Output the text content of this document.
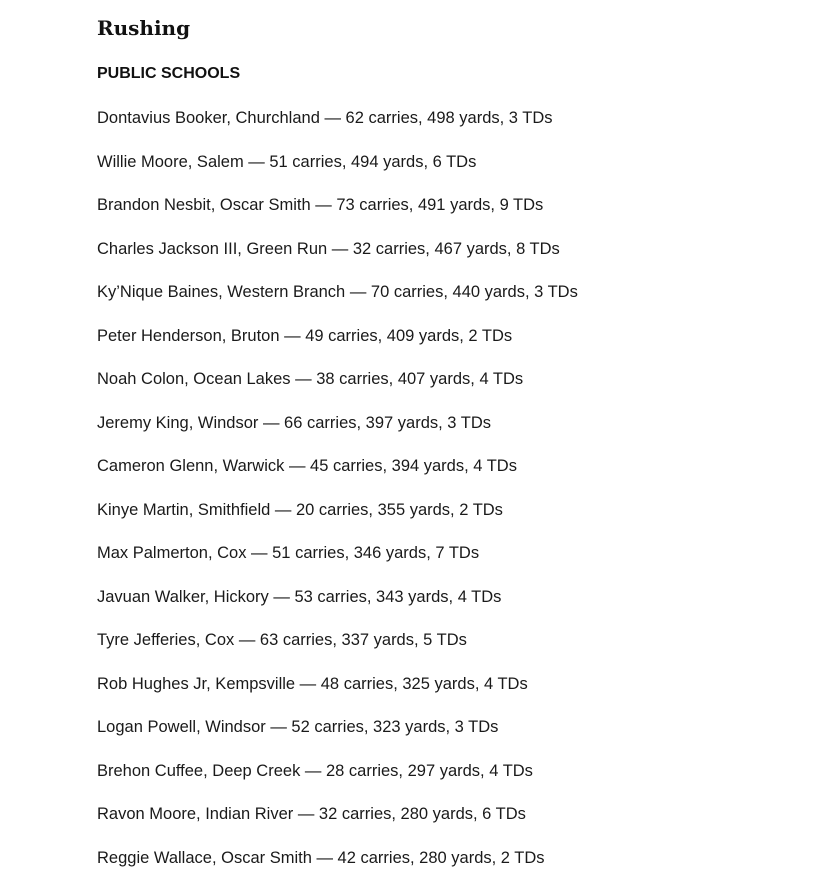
Rushing
PUBLIC SCHOOLS
Dontavius Booker, Churchland — 62 carries, 498 yards, 3 TDs
Willie Moore, Salem — 51 carries, 494 yards, 6 TDs
Brandon Nesbit, Oscar Smith — 73 carries, 491 yards, 9 TDs
Charles Jackson III, Green Run — 32 carries, 467 yards, 8 TDs
Ky’Nique Baines, Western Branch — 70 carries, 440 yards, 3 TDs
Peter Henderson, Bruton — 49 carries, 409 yards, 2 TDs
Noah Colon, Ocean Lakes — 38 carries, 407 yards, 4 TDs
Jeremy King, Windsor — 66 carries, 397 yards, 3 TDs
Cameron Glenn, Warwick — 45 carries, 394 yards, 4 TDs
Kinye Martin, Smithfield — 20 carries, 355 yards, 2 TDs
Max Palmerton, Cox — 51 carries, 346 yards, 7 TDs
Javuan Walker, Hickory — 53 carries, 343 yards, 4 TDs
Tyre Jefferies, Cox — 63 carries, 337 yards, 5 TDs
Rob Hughes Jr, Kempsville — 48 carries, 325 yards, 4 TDs
Logan Powell, Windsor — 52 carries, 323 yards, 3 TDs
Brehon Cuffee, Deep Creek — 28 carries, 297 yards, 4 TDs
Ravon Moore, Indian River — 32 carries, 280 yards, 6 TDs
Reggie Wallace, Oscar Smith — 42 carries, 280 yards, 2 TDs
